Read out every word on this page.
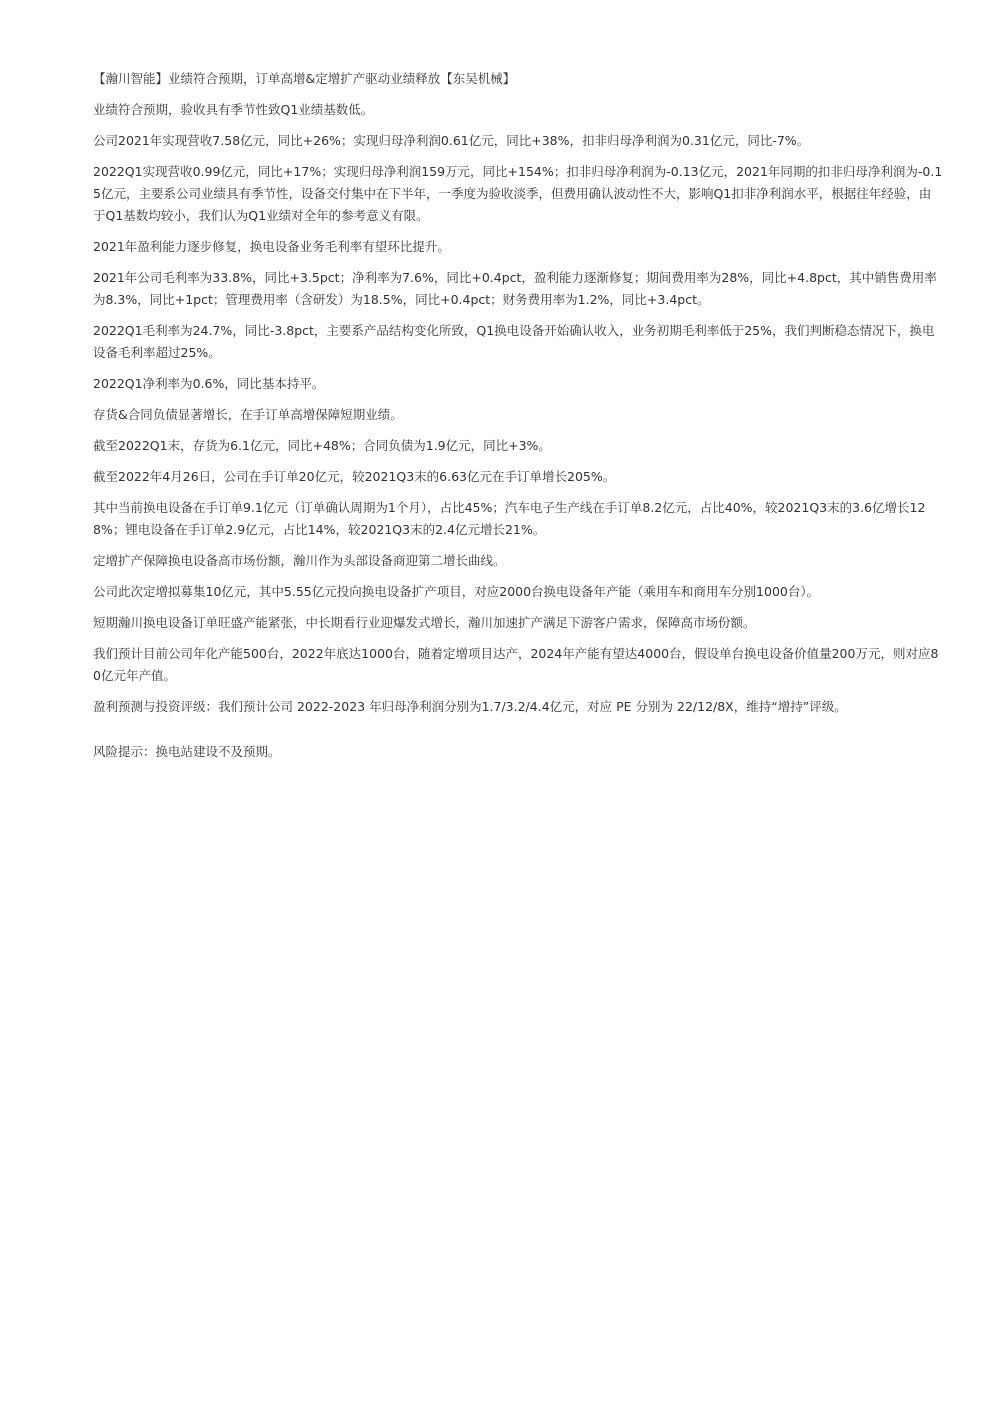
【瀚川智能】业绩符合预期，订单高增&定增扩产驱动业绩释放【东吴机械】

业绩符合预期，验收具有季节性致Q1业绩基数低。

公司2021年实现营收7.58亿元，同比+26%；实现归母净利润0.61亿元，同比+38%，扣非归母净利润为0.31亿元，同比-7%。

2022Q1实现营收0.99亿元，同比+17%；实现归母净利润159万元，同比+154%；扣非归母净利润为-0.13亿元，2021年同期的扣非归母净利润为-0.15亿元，主要系公司业绩具有季节性，设备交付集中在下半年，一季度为验收淡季，但费用确认波动性不大，影响Q1扣非净利润水平，根据往年经验，由于Q1基数均较小，我们认为Q1业绩对全年的参考意义有限。

2021年盈利能力逐步修复，换电设备业务毛利率有望环比提升。

2021年公司毛利率为33.8%，同比+3.5pct；净利率为7.6%，同比+0.4pct，盈利能力逐渐修复；期间费用率为28%，同比+4.8pct，其中销售费用率为8.3%，同比+1pct；管理费用率（含研发）为18.5%，同比+0.4pct；财务费用率为1.2%，同比+3.4pct。

2022Q1毛利率为24.7%，同比-3.8pct，主要系产品结构变化所致，Q1换电设备开始确认收入，业务初期毛利率低于25%，我们判断稳态情况下，换电设备毛利率超过25%。

2022Q1净利率为0.6%，同比基本持平。

存货&合同负债显著增长，在手订单高增保障短期业绩。

截至2022Q1末，存货为6.1亿元，同比+48%；合同负债为1.9亿元，同比+3%。

截至2022年4月26日，公司在手订单20亿元，较2021Q3末的6.63亿元在手订单增长205%。

其中当前换电设备在手订单9.1亿元（订单确认周期为1个月），占比45%；汽车电子生产线在手订单8.2亿元，占比40%，较2021Q3末的3.6亿增长128%；锂电设备在手订单2.9亿元，占比14%，较2021Q3末的2.4亿元增长21%。

定增扩产保障换电设备高市场份额，瀚川作为头部设备商迎第二增长曲线。

公司此次定增拟募集10亿元，其中5.55亿元投向换电设备扩产项目，对应2000台换电设备年产能（乘用车和商用车分别1000台）。

短期瀚川换电设备订单旺盛产能紧张，中长期看行业迎爆发式增长，瀚川加速扩产满足下游客户需求，保障高市场份额。

我们预计目前公司年化产能500台，2022年底达1000台，随着定增项目达产，2024年产能有望达4000台，假设单台换电设备价值量200万元，则对应80亿元年产值。

盈利预测与投资评级：我们预计公司 2022-2023 年归母净利润分别为1.7/3.2/4.4亿元，对应 PE 分别为 22/12/8X，维持“增持”评级。

风险提示：换电站建设不及预期。
